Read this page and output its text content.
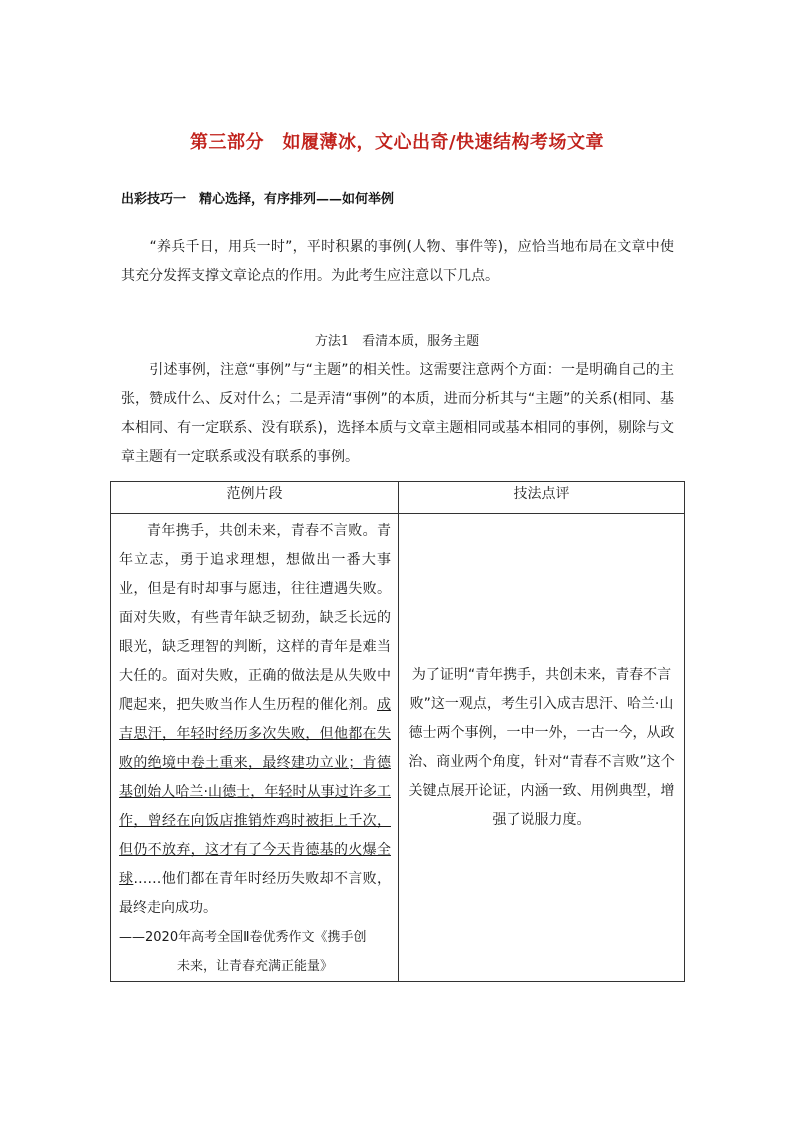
第三部分　如履薄冰，文心出奇/快速结构考场文章
出彩技巧一　精心选择，有序排列——如何举例
　　“养兵千日，用兵一时”，平时积累的事例(人物、事件等)，应恰当地布局在文章中使其充分发挥支撑文章论点的作用。为此考生应注意以下几点。
方法1　看清本质，服务主题
　　引述事例，注意“事例”与“主题”的相关性。这需要注意两个方面：一是明确自己的主张，赞成什么、反对什么；二是弄清“事例”的本质，进而分析其与“主题”的关系(相同、基本相同、有一定联系、没有联系)，选择本质与文章主题相同或基本相同的事例，剔除与文章主题有一定联系或没有联系的事例。
范例片段	技法点评

青年携手，共创未来，青春不言败。青年立志，勇于追求理想，想做出一番大事业，但是有时却事与愿违，往往遭遇失败。面对失败，有些青年缺乏韧劲，缺乏长远的眼光，缺乏理智的判断，这样的青年是难当大任的。面对失败，正确的做法是从失败中爬起来，把失败当作人生历程的催化剂。成吉思汗，年轻时经历多次失败，但他都在失败的绝境中卷土重来，最终建功立业；肯德基创始人哈兰·山德士，年轻时从事过许多工作，曾经在向饭店推销炸鸡时被拒上千次，但仍不放弃，这才有了今天肯德基的火爆全球……他们都在青年时经历失败却不言败，最终走向成功。
——2020年高考全国Ⅱ卷优秀作文《携手创
未来，让青春充满正能量》	为了证明“青年携手，共创未来，青春不言败”这一观点，考生引入成吉思汗、哈兰·山德士两个事例，一中一外，一古一今，从政治、商业两个角度，针对“青春不言败”这个关键点展开论证，内涵一致、用例典型，增强了说服力度。
